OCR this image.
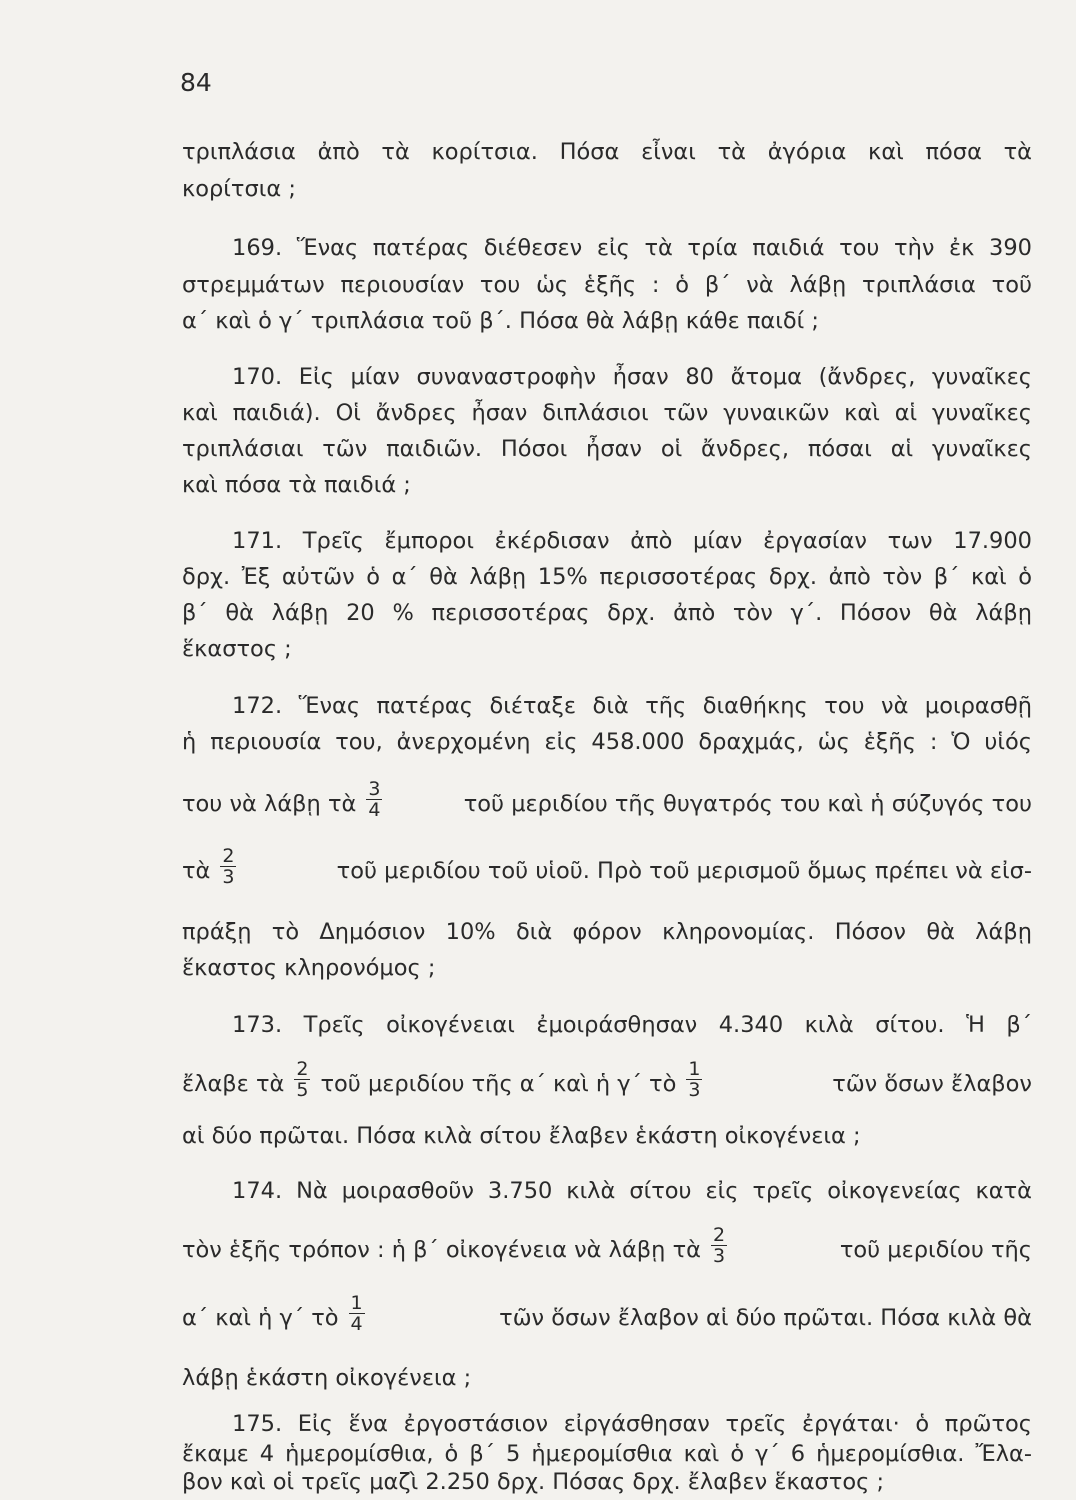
84
τριπλάσια ἀπὸ τὰ κορίτσια. Πόσα εἶναι τὰ ἀγόρια καὶ πόσα τὰ
κορίτσια ;
169. Ἕνας πατέρας διέθεσεν εἰς τὰ τρία παιδιά του τὴν ἐκ 390
στρεμμάτων περιουσίαν του ὡς ἑξῆς : ὁ β΄ νὰ λάβῃ τριπλάσια τοῦ
α΄ καὶ ὁ γ΄ τριπλάσια τοῦ β΄. Πόσα θὰ λάβῃ κάθε παιδί ;
170. Εἰς μίαν συναναστροφὴν ἦσαν 80 ἄτομα (ἄνδρες, γυναῖκες
καὶ παιδιά). Οἱ ἄνδρες ἦσαν διπλάσιοι τῶν γυναικῶν καὶ αἱ γυναῖκες
τριπλάσιαι τῶν παιδιῶν. Πόσοι ἦσαν οἱ ἄνδρες, πόσαι αἱ γυναῖκες
καὶ πόσα τὰ παιδιά ;
171. Τρεῖς ἔμποροι ἐκέρδισαν ἀπὸ μίαν ἐργασίαν των 17.900
δρχ. Ἐξ αὐτῶν ὁ α΄ θὰ λάβῃ 15% περισσοτέρας δρχ. ἀπὸ τὸν β΄ καὶ ὁ
β΄ θὰ λάβῃ 20 % περισσοτέρας δρχ. ἀπὸ τὸν γ΄. Πόσον θὰ λάβῃ
ἕκαστος ;
172. Ἕνας πατέρας διέταξε διὰ τῆς διαθήκης του νὰ μοιρασθῇ
ἡ περιουσία του, ἀνερχομένη εἰς 458.000 δραχμάς, ὡς ἑξῆς : Ὁ υἱός
του νὰ λάβῃ τὰ $\frac{3}{4}$	τοῦ μεριδίου τῆς θυγατρός του καὶ ἡ σύζυγός του
τὰ $\frac{2}{3}$	τοῦ μεριδίου τοῦ υἱοῦ. Πρὸ τοῦ μερισμοῦ ὅμως πρέπει νὰ εἰσ-
πράξῃ τὸ Δημόσιον 10% διὰ φόρον κληρονομίας. Πόσον θὰ λάβῃ
ἕκαστος κληρονόμος ;
173. Τρεῖς οἰκογένειαι ἐμοιράσθησαν 4.340 κιλὰ σίτου. Ἡ β΄
ἔλαβε τὰ $\frac{2}{5}$ τοῦ μεριδίου τῆς α΄ καὶ ἡ γ΄ τὸ $\frac{1}{3}$	τῶν ὅσων ἔλαβον
αἱ δύο πρῶται. Πόσα κιλὰ σίτου ἔλαβεν ἑκάστη οἰκογένεια ;
174. Νὰ μοιρασθοῦν 3.750 κιλὰ σίτου εἰς τρεῖς οἰκογενείας κατὰ
τὸν ἑξῆς τρόπον : ἡ β΄ οἰκογένεια νὰ λάβῃ τὰ $\frac{2}{3}$	τοῦ μεριδίου τῆς
α΄ καὶ ἡ γ΄ τὸ $\frac{1}{4}$	τῶν ὅσων ἔλαβον αἱ δύο πρῶται. Πόσα κιλὰ θὰ
λάβῃ ἑκάστη οἰκογένεια ;
175. Εἰς ἕνα ἐργοστάσιον εἰργάσθησαν τρεῖς ἐργάται· ὁ πρῶτος
ἔκαμε 4 ἡμερομίσθια, ὁ β΄ 5 ἡμερομίσθια καὶ ὁ γ΄ 6 ἡμερομίσθια. Ἔλα-
βον καὶ οἱ τρεῖς μαζὶ 2.250 δρχ. Πόσας δρχ. ἔλαβεν ἕκαστος ;
